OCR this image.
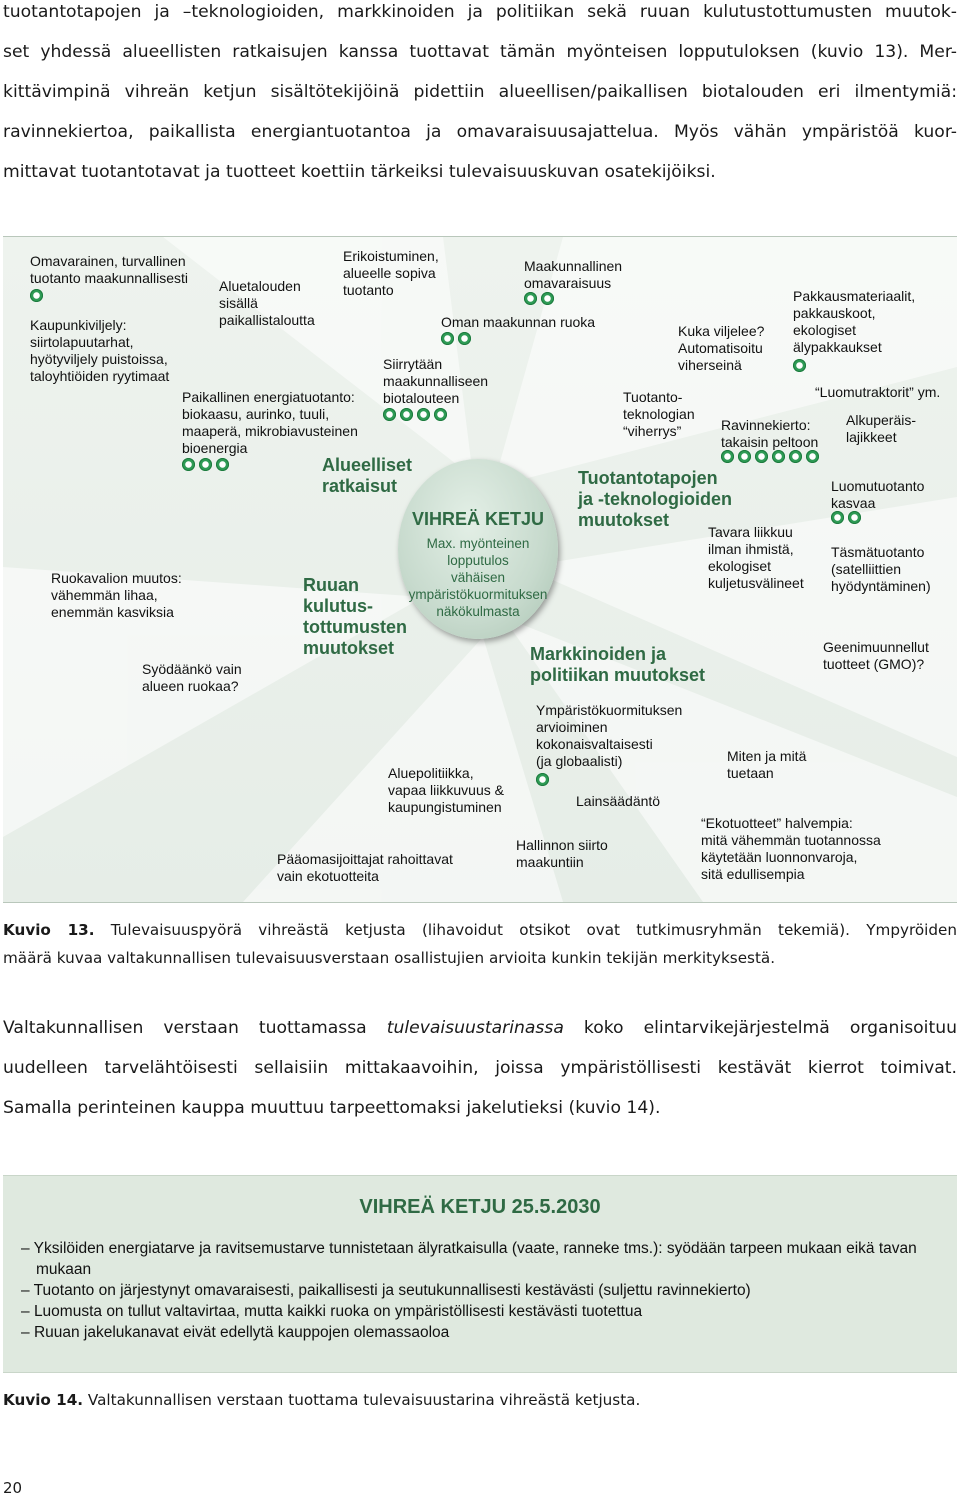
tuotantotapojen ja –teknologioiden, markkinoiden ja politiikan sekä ruuan kulutustottumusten muutok-
set yhdessä alueellisten ratkaisujen kanssa tuottavat tämän myönteisen lopputuloksen (kuvio 13). Mer-
kittävimpinä vihreän ketjun sisältötekijöinä pidettiin alueellisen/paikallisen biotalouden eri ilmentymiä:
ravinnekiertoa, paikallista energiantuotantoa ja omavaraisuusajattelua. Myös vähän ympäristöä kuor-
mittavat tuotantotavat ja tuotteet koettiin tärkeiksi tulevaisuuskuvan osatekijöiksi.
Alueelliset
ratkaisut	Tuotantotapojen
ja -teknologioiden
muutokset
Ruuan
kulutus-
tottumusten
muutokset	Markkinoiden ja
politiikan muutokset
VIHREÄ KETJU
Max. myönteinen
lopputulos
vähäisen
ympäristökuormituksen
näkökulmasta
Omavarainen, turvallinen
tuotanto maakunnallisesti
Kaupunkiviljely:
siirtolapuutarhat,
hyötyviljely puistoissa,
taloyhtiöiden ryytimaat
Aluetalouden
sisällä
paikallistaloutta
Erikoistuminen,
alueelle sopiva
tuotanto
Maakunnallinen
omavaraisuus
Oman maakunnan ruoka
Siirrytään
maakunnalliseen
biotalouteen
Paikallinen energiatuotanto:
biokaasu, aurinko, tuuli,
maaperä, mikrobiavusteinen
bioenergia
Kuka viljelee?
Automatisoitu
viherseinä
Pakkausmateriaalit,
pakkauskoot,
ekologiset
älypakkaukset
“Luomutraktorit” ym.
Tuotanto-
teknologian
“viherrys”	Ravinnekierto:
takaisin peltoon
Alkuperäis-
lajikkeet
Luomutuotanto
kasvaa
Tavara liikkuu
ilman ihmistä,
ekologiset
kuljetusvälineet
Täsmätuotanto
(satelliittien
hyödyntäminen)
Ruokavalion muutos:
vähemmän lihaa,
enemmän kasviksia
Syödäänkö vain
alueen ruokaa?
Geenimuunnellut
tuotteet (GMO)?
Ympäristökuormituksen
arvioiminen
kokonaisvaltaisesti
(ja globaalisti)	Miten ja mitä
tuetaan
Aluepolitiikka,
vapaa liikkuvuus &
kaupungistuminen	Lainsäädäntö
“Ekotuotteet” halvempia:
mitä vähemmän tuotannossa
käytetään luonnonvaroja,
sitä edullisempia
Hallinnon siirto
maakuntiin
Pääomasijoittajat rahoittavat
vain ekotuotteita
Kuvio 13. Tulevaisuuspyörä vihreästä ketjusta (lihavoidut otsikot ovat tutkimusryhmän tekemiä). Ympyröiden
määrä kuvaa valtakunnallisen tulevaisuusverstaan osallistujien arvioita kunkin tekijän merkityksestä.
Valtakunnallisen verstaan tuottamassa tulevaisuustarinassa koko elintarvikejärjestelmä organisoituu
uudelleen tarvelähtöisesti sellaisiin mittakaavoihin, joissa ympäristöllisesti kestävät kierrot toimivat.
Samalla perinteinen kauppa muuttuu tarpeettomaksi jakelutieksi (kuvio 14).
VIHREÄ KETJU 25.5.2030
– Yksilöiden energiatarve ja ravitsemustarve tunnistetaan älyratkaisulla (vaate, ranneke tms.): syödään tarpeen mukaan eikä tavan mukaan
– Tuotanto on järjestynyt omavaraisesti, paikallisesti ja seutukunnallisesti kestävästi (suljettu ravinnekierto)
– Luomusta on tullut valtavirtaa, mutta kaikki ruoka on ympäristöllisesti kestävästi tuotettua
– Ruuan jakelukanavat eivät edellytä kauppojen olemassaoloa
Kuvio 14. Valtakunnallisen verstaan tuottama tulevaisuustarina vihreästä ketjusta.
20
